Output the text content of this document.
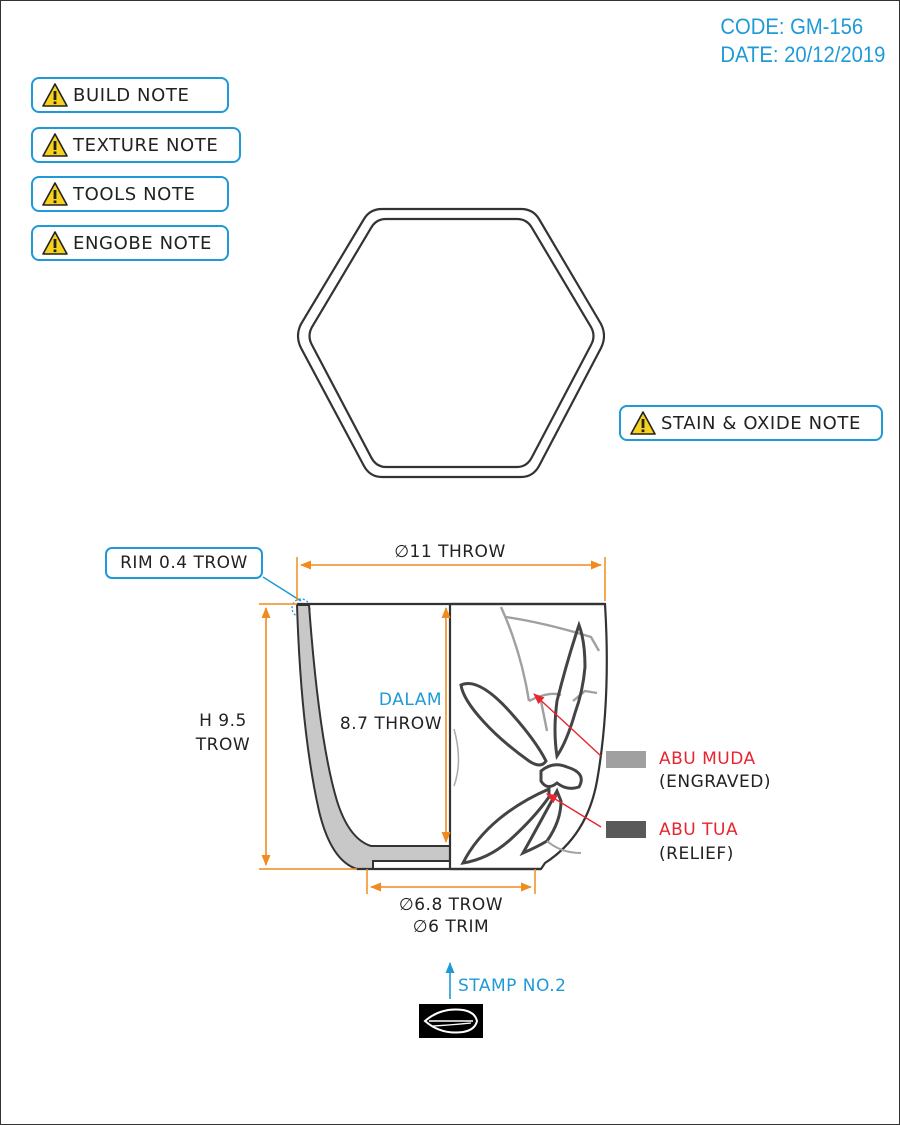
CODE: GM-156
DATE: 20/12/2019
BUILD NOTE
TEXTURE NOTE
TOOLS NOTE
ENGOBE NOTE
STAIN & OXIDE NOTE
∅11 THROW
H 9.5
TROW
DALAM
8.7 THROW
∅6.8 TROW
∅6 TRIM
ABU MUDA
(ENGRAVED)
ABU TUA
(RELIEF)
STAMP NO.2
RIM 0.4 TROW
